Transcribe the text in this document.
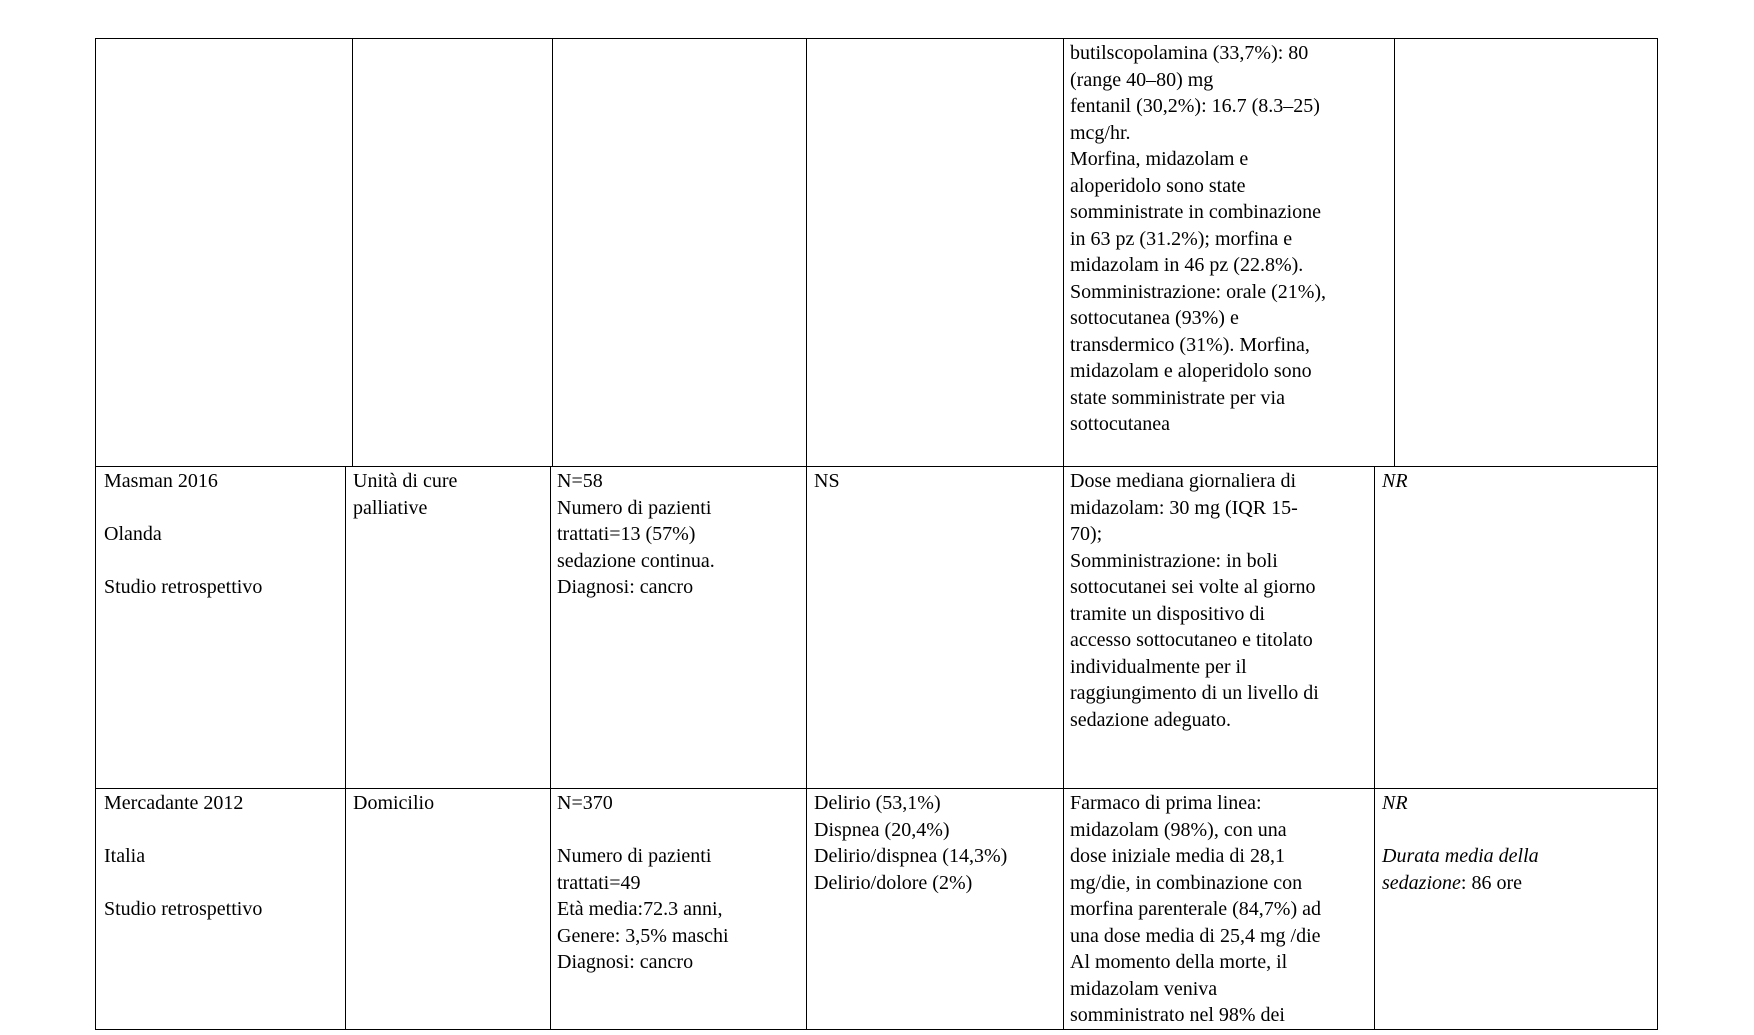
butilscopolamina (33,7%): 80
(range 40–80) mg
fentanil (30,2%): 16.7 (8.3–25)
mcg/hr.
Morfina, midazolam e
aloperidolo sono state
somministrate in combinazione
in 63 pz (31.2%); morfina e
midazolam in 46 pz (22.8%).
Somministrazione: orale (21%),
sottocutanea (93%) e
transdermico (31%). Morfina,
midazolam e aloperidolo sono
state somministrate per via
sottocutanea
Masman 2016
Olanda
Studio retrospettivo
Unità di cure
palliative
N=58
Numero di pazienti
trattati=13 (57%)
sedazione continua.
Diagnosi: cancro
NS	Dose mediana giornaliera di
midazolam: 30 mg (IQR 15-
70);
Somministrazione: in boli
sottocutanei sei volte al giorno
tramite un dispositivo di
accesso sottocutaneo e titolato
individualmente per il
raggiungimento di un livello di
sedazione adeguato.
NR
Mercadante 2012
Italia
Studio retrospettivo
Domicilio	N=370
Numero di pazienti
trattati=49
Età media:72.3 anni,
Genere: 3,5% maschi
Diagnosi: cancro
Delirio (53,1%)
Dispnea (20,4%)
Delirio/dispnea (14,3%)
Delirio/dolore (2%)
Farmaco di prima linea:
midazolam (98%), con una
dose iniziale media di 28,1
mg/die, in combinazione con
morfina parenterale (84,7%) ad
una dose media di 25,4 mg /die
Al momento della morte, il
midazolam veniva
somministrato nel 98% dei
NR
Durata media della
sedazione: 86 ore
